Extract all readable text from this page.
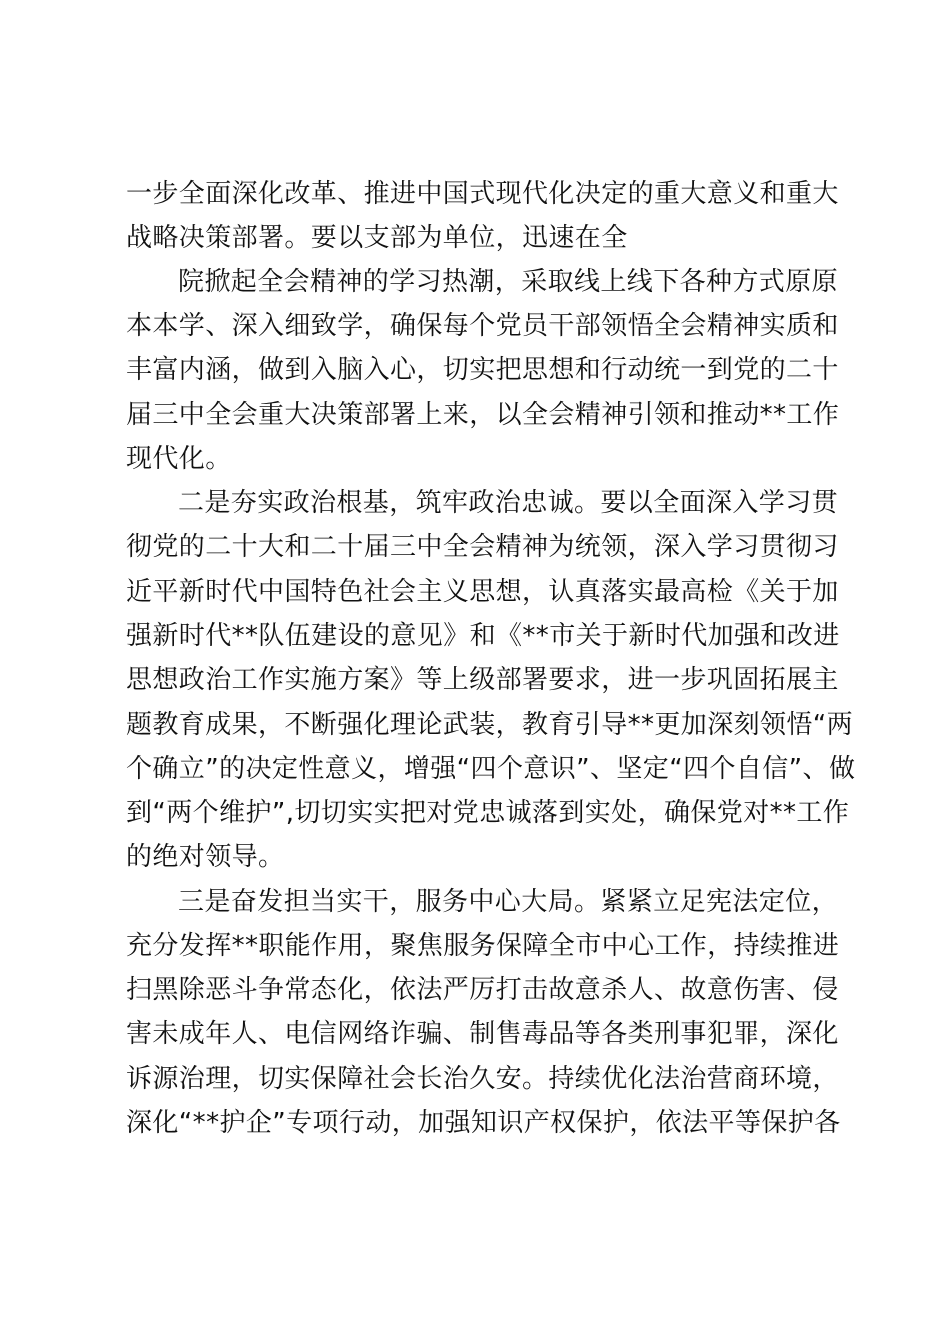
一步全面深化改革、推进中国式现代化决定的重大意义和重大

战略决策部署。要以支部为单位，迅速在全

院掀起全会精神的学习热潮，采取线上线下各种方式原原

本本学、深入细致学，确保每个党员干部领悟全会精神实质和

丰富内涵，做到入脑入心，切实把思想和行动统一到党的二十

届三中全会重大决策部署上来，以全会精神引领和推动**工作

现代化。

二是夯实政治根基，筑牢政治忠诚。要以全面深入学习贯

彻党的二十大和二十届三中全会精神为统领，深入学习贯彻习

近平新时代中国特色社会主义思想，认真落实最高检《关于加

强新时代**队伍建设的意见》和《**市关于新时代加强和改进

思想政治工作实施方案》等上级部署要求，进一步巩固拓展主

题教育成果，不断强化理论武装，教育引导**更加深刻领悟“两

个确立”的决定性意义，增强“四个意识”、坚定“四个自信”、做

到“两个维护”,切切实实把对党忠诚落到实处，确保党对**工作

的绝对领导。

三是奋发担当实干，服务中心大局。紧紧立足宪法定位，

充分发挥**职能作用，聚焦服务保障全市中心工作，持续推进

扫黑除恶斗争常态化，依法严厉打击故意杀人、故意伤害、侵

害未成年人、电信网络诈骗、制售毒品等各类刑事犯罪，深化

诉源治理，切实保障社会长治久安。持续优化法治营商环境，

深化“**护企”专项行动，加强知识产权保护，依法平等保护各
